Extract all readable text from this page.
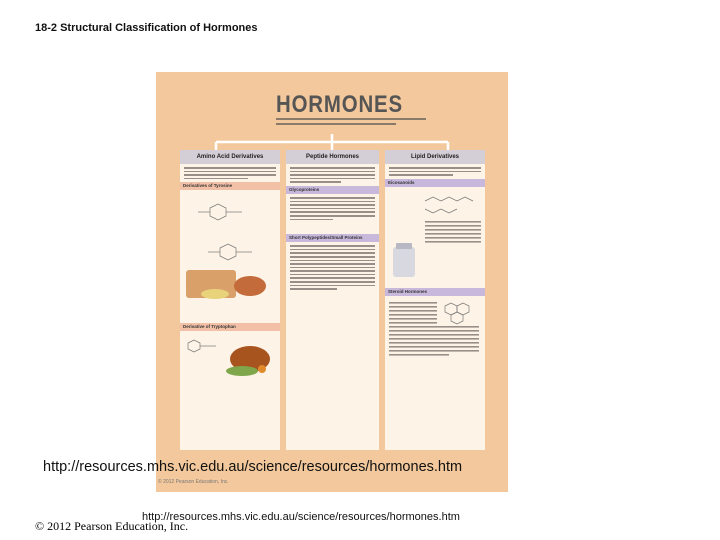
18-2 Structural Classification of Hormones
HORMONES
Amino Acid Derivatives
Derivatives of Tyrosine
Derivative of Tryptophan
Peptide Hormones
Glycoproteins
Short Polypeptides/Small Proteins
Lipid Derivatives
Eicosanoids
Steroid Hormones
http://resources.mhs.vic.edu.au/science/resources/hormones.htm
© 2012 Pearson Education, Inc.
http://resources.mhs.vic.edu.au/science/resources/hormones.htm
© 2012 Pearson Education, Inc.
